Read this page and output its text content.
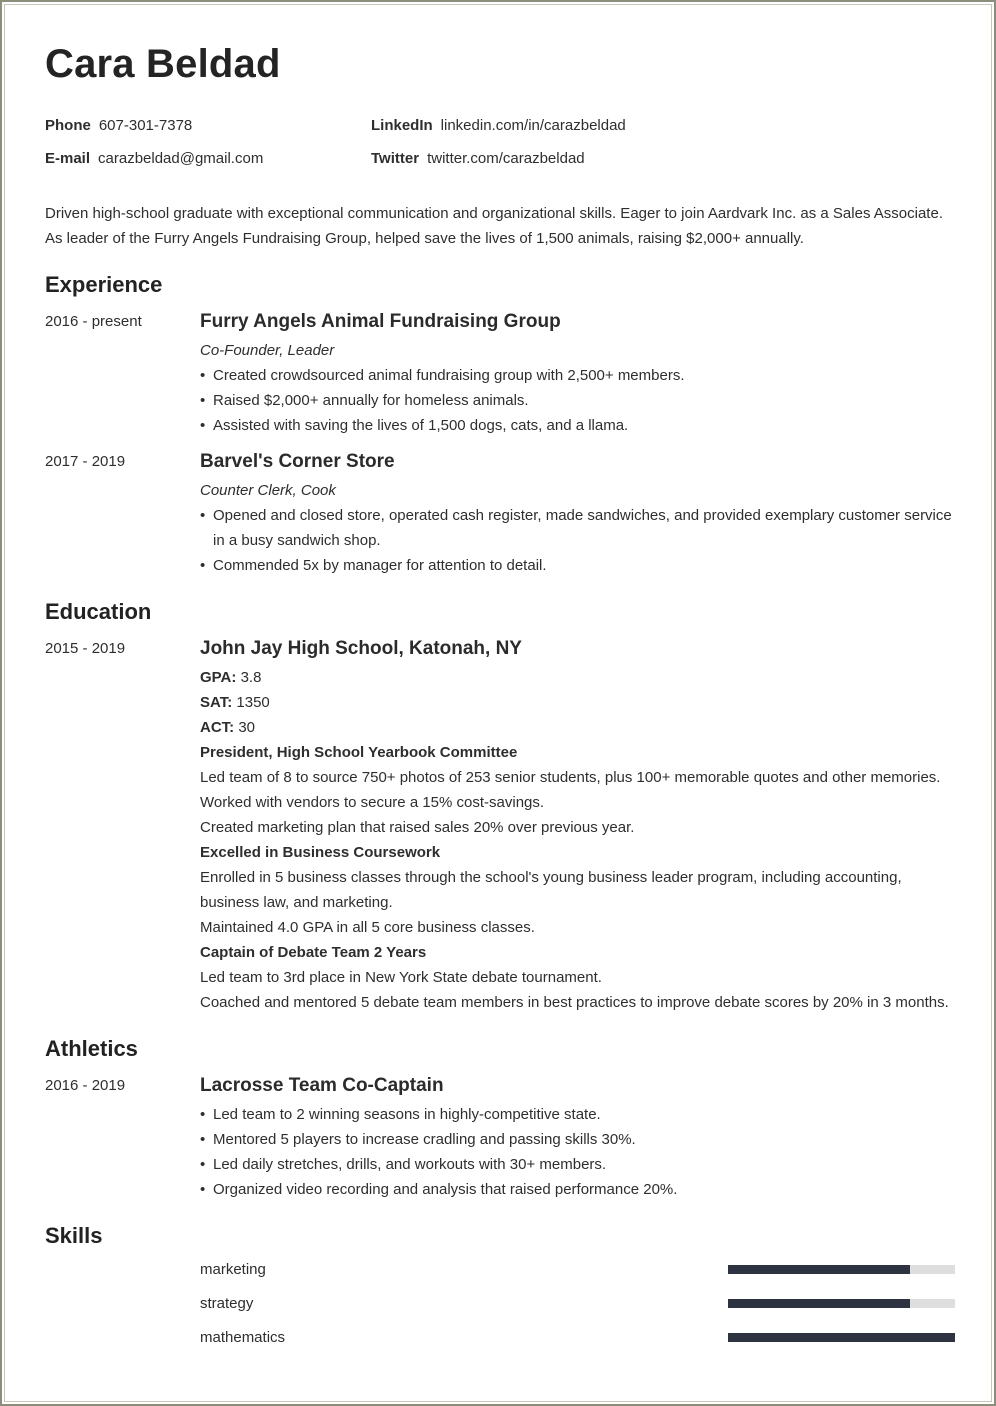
Cara Beldad
Phone 607-301-7378
E-mail carazbeldad@gmail.com
LinkedIn linkedin.com/in/carazbeldad
Twitter twitter.com/carazbeldad

Driven high-school graduate with exceptional communication and organizational skills. Eager to join Aardvark Inc. as a Sales Associate. As leader of the Furry Angels Fundraising Group, helped save the lives of 1,500 animals, raising $2,000+ annually.

Experience
2016 - present	Furry Angels Animal Fundraising Group
Co-Founder, Leader
• Created crowdsourced animal fundraising group with 2,500+ members.
• Raised $2,000+ annually for homeless animals.
• Assisted with saving the lives of 1,500 dogs, cats, and a llama.
2017 - 2019	Barvel's Corner Store
Counter Clerk, Cook
• Opened and closed store, operated cash register, made sandwiches, and provided exemplary customer service in a busy sandwich shop.
• Commended 5x by manager for attention to detail.
Education
2015 - 2019	John Jay High School, Katonah, NY
GPA: 3.8
SAT: 1350
ACT: 30
President, High School Yearbook Committee
Led team of 8 to source 750+ photos of 253 senior students, plus 100+ memorable quotes and other memories.
Worked with vendors to secure a 15% cost-savings.
Created marketing plan that raised sales 20% over previous year.
Excelled in Business Coursework
Enrolled in 5 business classes through the school's young business leader program, including accounting, business law, and marketing.
Maintained 4.0 GPA in all 5 core business classes.
Captain of Debate Team 2 Years
Led team to 3rd place in New York State debate tournament.
Coached and mentored 5 debate team members in best practices to improve debate scores by 20% in 3 months.
Athletics
2016 - 2019	Lacrosse Team Co-Captain
• Led team to 2 winning seasons in highly-competitive state.
• Mentored 5 players to increase cradling and passing skills 30%.
• Led daily stretches, drills, and workouts with 30+ members.
• Organized video recording and analysis that raised performance 20%.
Skills
marketing
strategy
mathematics
